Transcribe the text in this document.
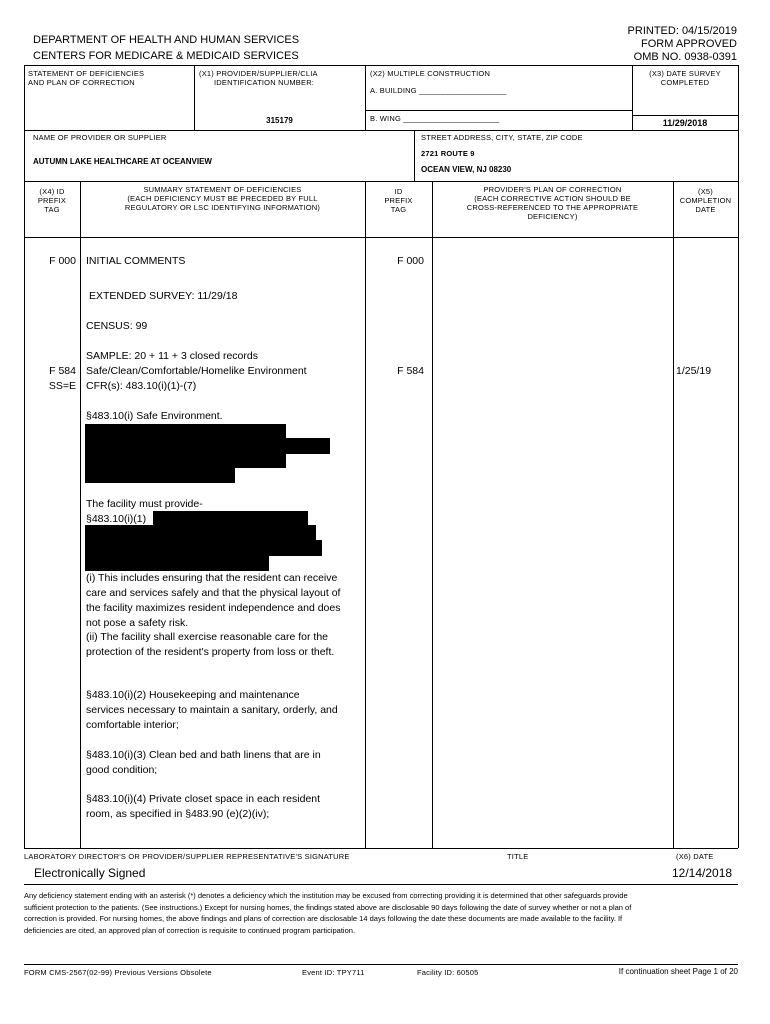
DEPARTMENT OF HEALTH AND HUMAN SERVICES
CENTERS FOR MEDICARE & MEDICAID SERVICES
PRINTED: 04/15/2019
FORM APPROVED
OMB NO. 0938-0391
STATEMENT OF DEFICIENCIES
AND PLAN OF CORRECTION
(X1) PROVIDER/SUPPLIER/CLIA
IDENTIFICATION NUMBER:
315179
(X2) MULTIPLE CONSTRUCTION
A. BUILDING ____________________
B. WING ______________________
(X3) DATE SURVEY
COMPLETED
11/29/2018
NAME OF PROVIDER OR SUPPLIER
AUTUMN LAKE HEALTHCARE AT OCEANVIEW
STREET ADDRESS, CITY, STATE, ZIP CODE
2721 ROUTE 9
OCEAN VIEW, NJ 08230
(X4) ID
PREFIX
TAG
SUMMARY STATEMENT OF DEFICIENCIES
(EACH DEFICIENCY MUST BE PRECEDED BY FULL
REGULATORY OR LSC IDENTIFYING INFORMATION)
ID
PREFIX
TAG
PROVIDER'S PLAN OF CORRECTION
(EACH CORRECTIVE ACTION SHOULD BE
CROSS-REFERENCED TO THE APPROPRIATE
DEFICIENCY)
(X5)
COMPLETION
DATE
F 000 INITIAL COMMENTS	F 000
EXTENDED SURVEY: 11/29/18
CENSUS: 99
SAMPLE: 20 + 11 + 3 closed records
F 584
SS=E
Safe/Clean/Comfortable/Homelike Environment
CFR(s): 483.10(i)(1)-(7)
F 584	1/25/19
§483.10(i) Safe Environment.
The facility must provide-
§483.10(i)(1)
(i) This includes ensuring that the resident can receive care and services safely and that the physical layout of the facility maximizes resident independence and does not pose a safety risk.
(ii) The facility shall exercise reasonable care for the protection of the resident's property from loss or theft.
§483.10(i)(2) Housekeeping and maintenance services necessary to maintain a sanitary, orderly, and comfortable interior;
§483.10(i)(3) Clean bed and bath linens that are in good condition;
§483.10(i)(4) Private closet space in each resident room, as specified in §483.90 (e)(2)(iv);
LABORATORY DIRECTOR'S OR PROVIDER/SUPPLIER REPRESENTATIVE'S SIGNATURE	TITLE	(X6) DATE
Electronically Signed	12/14/2018
Any deficiency statement ending with an asterisk (*) denotes a deficiency which the institution may be excused from correcting providing it is determined that other safeguards provide sufficient protection to the patients. (See instructions.) Except for nursing homes, the findings stated above are disclosable 90 days following the date of survey whether or not a plan of correction is provided. For nursing homes, the above findings and plans of correction are disclosable 14 days following the date these documents are made available to the facility. If deficiencies are cited, an approved plan of correction is requisite to continued program participation.
FORM CMS-2567(02-99) Previous Versions Obsolete	Event ID: TPY711	Facility ID: 60505	If continuation sheet Page 1 of 20
